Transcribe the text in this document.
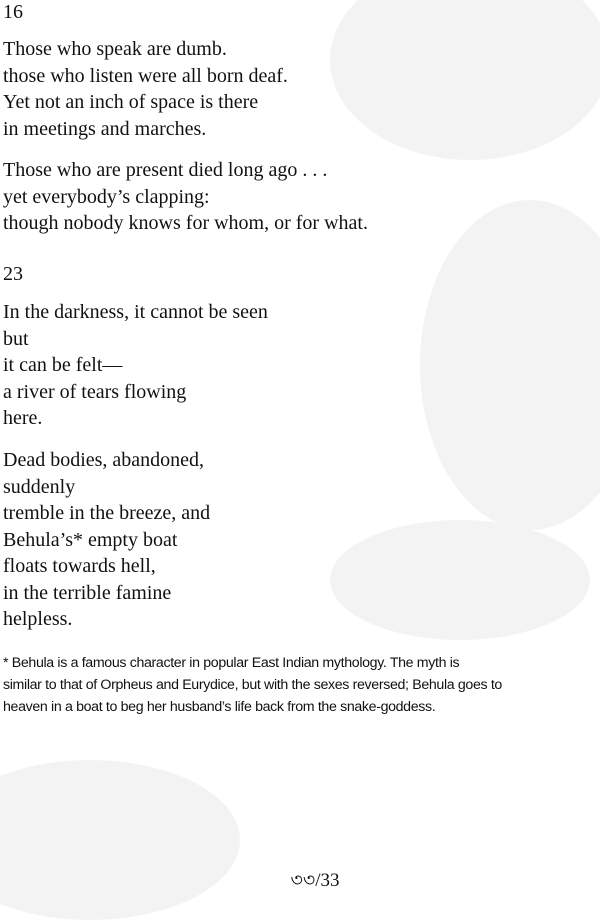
16

Those who speak are dumb.
those who listen were all born deaf.
Yet not an inch of space is there
in meetings and marches.
Those who are present died long ago . . .
yet everybody’s clapping:
though nobody knows for whom, or for what.

23

In the darkness, it cannot be seen
but
it can be felt—
a river of tears flowing
here.
Dead bodies, abandoned,
suddenly
tremble in the breeze, and
Behula’s* empty boat
floats towards hell,
in the terrible famine
helpless.
* Behula is a famous character in popular East Indian mythology. The myth is
similar to that of Orpheus and Eurydice, but with the sexes reversed; Behula goes to
heaven in a boat to beg her husband’s life back from the snake-goddess.

৩৩/33
